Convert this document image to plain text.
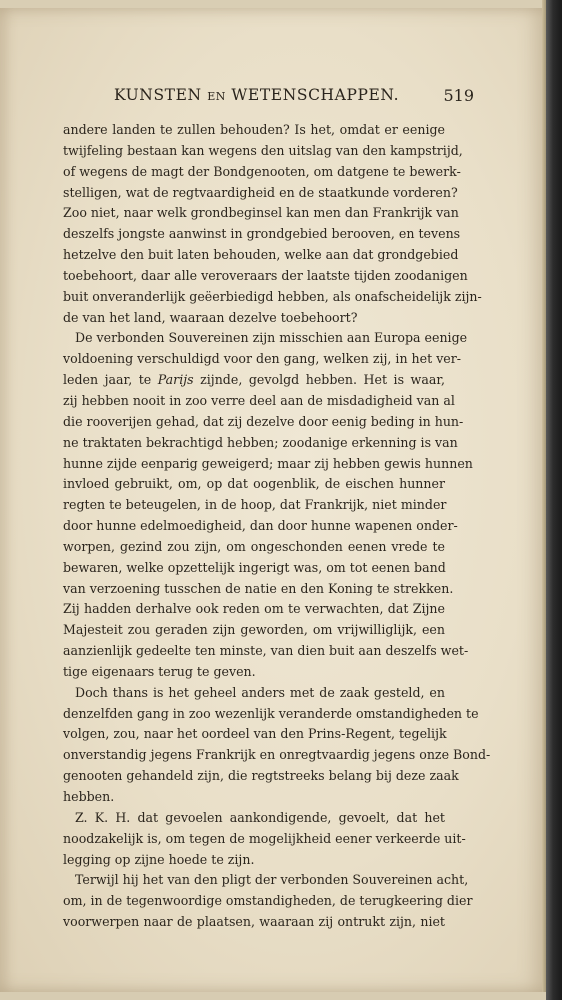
KUNSTEN EN WETENSCHAPPEN.	519
andere landen te zullen behouden? Is het, omdat er eenige
twijfeling bestaan kan wegens den uitslag van den kampstrijd,
of wegens de magt der Bondgenooten, om datgene te bewerk-
stelligen, wat de regtvaardigheid en de staatkunde vorderen?
Zoo niet, naar welk grondbeginsel kan men dan Frankrijk van
deszelfs jongste aanwinst in grondgebied berooven, en tevens
hetzelve den buit laten behouden, welke aan dat grondgebied
toebehoort, daar alle veroveraars der laatste tijden zoodanigen
buit onveranderlijk geëerbiedigd hebben, als onafscheidelijk zijn-
de van het land, waaraan dezelve toebehoort?
De verbonden Souvereinen zijn misschien aan Europa eenige
voldoening verschuldigd voor den gang, welken zij, in het ver-
leden jaar, te Parijs zijnde, gevolgd hebben. Het is waar,
zij hebben nooit in zoo verre deel aan de misdadigheid van al
die rooverijen gehad, dat zij dezelve door eenig beding in hun-
ne traktaten bekrachtigd hebben; zoodanige erkenning is van
hunne zijde eenparig geweigerd; maar zij hebben gewis hunnen
invloed gebruikt, om, op dat oogenblik, de eischen hunner
regten te beteugelen, in de hoop, dat Frankrijk, niet minder
door hunne edelmoedigheid, dan door hunne wapenen onder-
worpen, gezind zou zijn, om ongeschonden eenen vrede te
bewaren, welke opzettelijk ingerigt was, om tot eenen band
van verzoening tusschen de natie en den Koning te strekken.
Zij hadden derhalve ook reden om te verwachten, dat Zijne
Majesteit zou geraden zijn geworden, om vrijwilliglijk, een
aanzienlijk gedeelte ten minste, van dien buit aan deszelfs wet-
tige eigenaars terug te geven.
Doch thans is het geheel anders met de zaak gesteld, en
denzelfden gang in zoo wezenlijk veranderde omstandigheden te
volgen, zou, naar het oordeel van den Prins-Regent, tegelijk
onverstandig jegens Frankrijk en onregtvaardig jegens onze Bond-
genooten gehandeld zijn, die regtstreeks belang bij deze zaak
hebben.
Z. K. H. dat gevoelen aankondigende, gevoelt, dat het
noodzakelijk is, om tegen de mogelijkheid eener verkeerde uit-
legging op zijne hoede te zijn.
Terwijl hij het van den pligt der verbonden Souvereinen acht,
om, in de tegenwoordige omstandigheden, de terugkeering dier
voorwerpen naar de plaatsen, waaraan zij ontrukt zijn, niet
